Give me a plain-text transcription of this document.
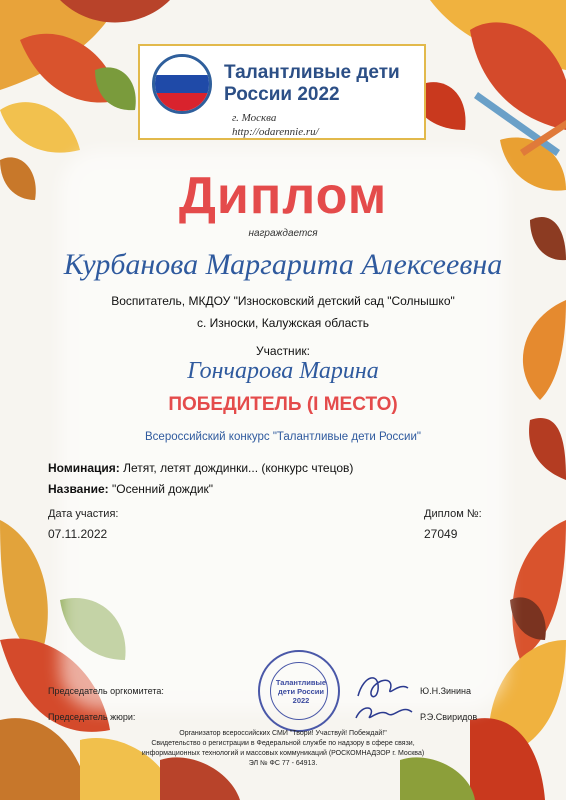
Талантливые дети
России 2022
г. Москва
http://odarennie.ru/
Диплом
награждается
Курбанова Маргарита Алексеевна
Воспитатель, МКДОУ "Износковский детский сад "Солнышко"
с. Износки, Калужская область
Участник:
Гончарова Марина
ПОБЕДИТЕЛЬ (I МЕСТО)
Всероссийский конкурс "Талантливые дети России"
Номинация: Летят, летят дождинки... (конкурс чтецов)
Название: "Осенний дождик"
Дата участия:
07.11.2022
Диплом №:
27049
Председатель оргкомитета:	Ю.Н.Зинина
Председатель жюри:	Р.Э.Свиридов
Талантливые
дети России
2022
Организатор всероссийских СМИ "Твори! Участвуй! Побеждай!"
Свидетельство о регистрации в Федеральной службе по надзору в сфере связи,
информационных технологий и массовых коммуникаций (РОСКОМНАДЗОР г. Москва)
ЭЛ № ФС 77 - 64913.
